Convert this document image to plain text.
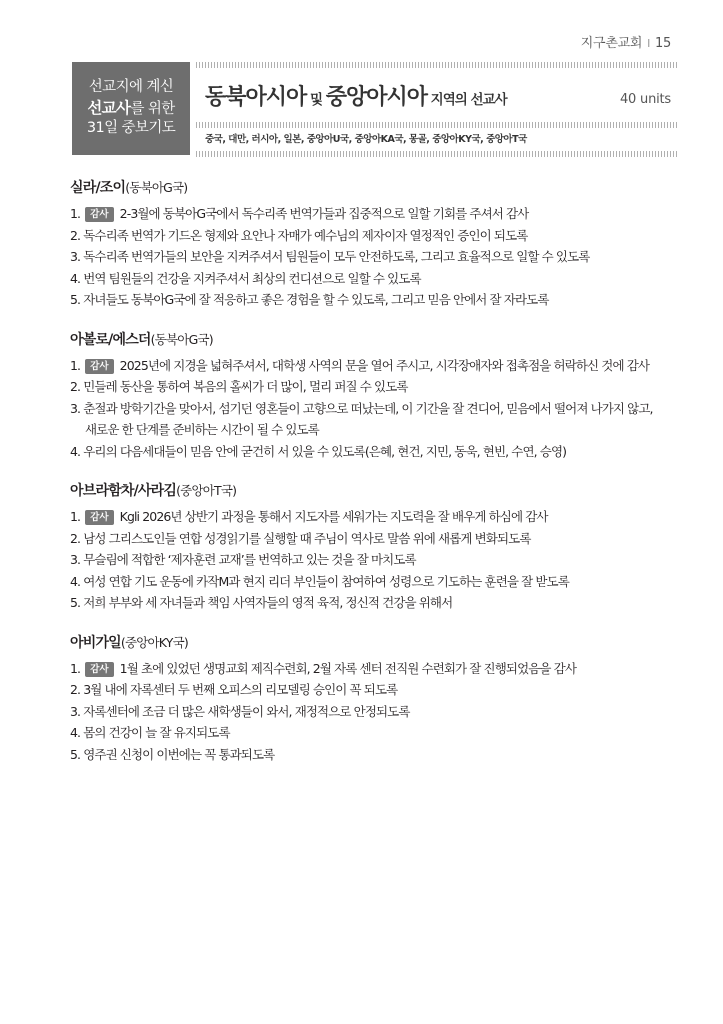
지구촌교회 I 15
선교지에 계신
선교사를 위한
31일 중보기도
동북아시아 및 중앙아시아 지역의 선교사	40 units
중국, 대만, 러시아, 일본, 중앙아U국, 중앙아KA국, 몽골, 중앙아KY국, 중앙아T국
실라/조이(동북아G국)
1. 감사 2-3월에 동북아G국에서 독수리족 번역가들과 집중적으로 일할 기회를 주셔서 감사
2. 독수리족 번역가 기드온 형제와 요안나 자매가 예수님의 제자이자 열정적인 증인이 되도록
3. 독수리족 번역가들의 보안을 지켜주셔서 팀원들이 모두 안전하도록, 그리고 효율적으로 일할 수 있도록
4. 번역 팀원들의 건강을 지켜주셔서 최상의 컨디션으로 일할 수 있도록
5. 자녀들도 동북아G국에 잘 적응하고 좋은 경험을 할 수 있도록, 그리고 믿음 안에서 잘 자라도록
아볼로/에스더(동북아G국)
1. 감사 2025년에 지경을 넓혀주셔서, 대학생 사역의 문을 열어 주시고, 시각장애자와 접촉점을 허락하신 것에 감사
2. 민들레 동산을 통하여 복음의 홀씨가 더 많이, 멀리 퍼질 수 있도록
3. 춘절과 방학기간을 맞아서, 섬기던 영혼들이 고향으로 떠났는데, 이 기간을 잘 견디어, 믿음에서 떨어져 나가지 않고,
새로운 한 단계를 준비하는 시간이 될 수 있도록
4. 우리의 다음세대들이 믿음 안에 굳건히 서 있을 수 있도록(은혜, 현건, 지민, 동욱, 현빈, 수연, 승영)
아브라함차/사라김(중앙아T국)
1. 감사 Kgli 2026년 상반기 과정을 통해서 지도자를 세워가는 지도력을 잘 배우게 하심에 감사
2. 남성 그리스도인들 연합 성경읽기를 실행할 때 주님이 역사로 말씀 위에 새롭게 변화되도록
3. 무슬림에 적합한 ‘제자훈련 교재’를 번역하고 있는 것을 잘 마치도록
4. 여성 연합 기도 운동에 카작M과 현지 리더 부인들이 참여하여 성령으로 기도하는 훈련을 잘 받도록
5. 저희 부부와 세 자녀들과 책임 사역자들의 영적 육적, 정신적 건강을 위해서
아비가일(중앙아KY국)
1. 감사 1월 초에 있었던 생명교회 제직수련회, 2월 자록 센터 전직원 수련회가 잘 진행되었음을 감사
2. 3월 내에 자록센터 두 번째 오피스의 리모델링 승인이 꼭 되도록
3. 자록센터에 조금 더 많은 새학생들이 와서, 재정적으로 안정되도록
4. 몸의 건강이 늘 잘 유지되도록
5. 영주권 신청이 이번에는 꼭 통과되도록
